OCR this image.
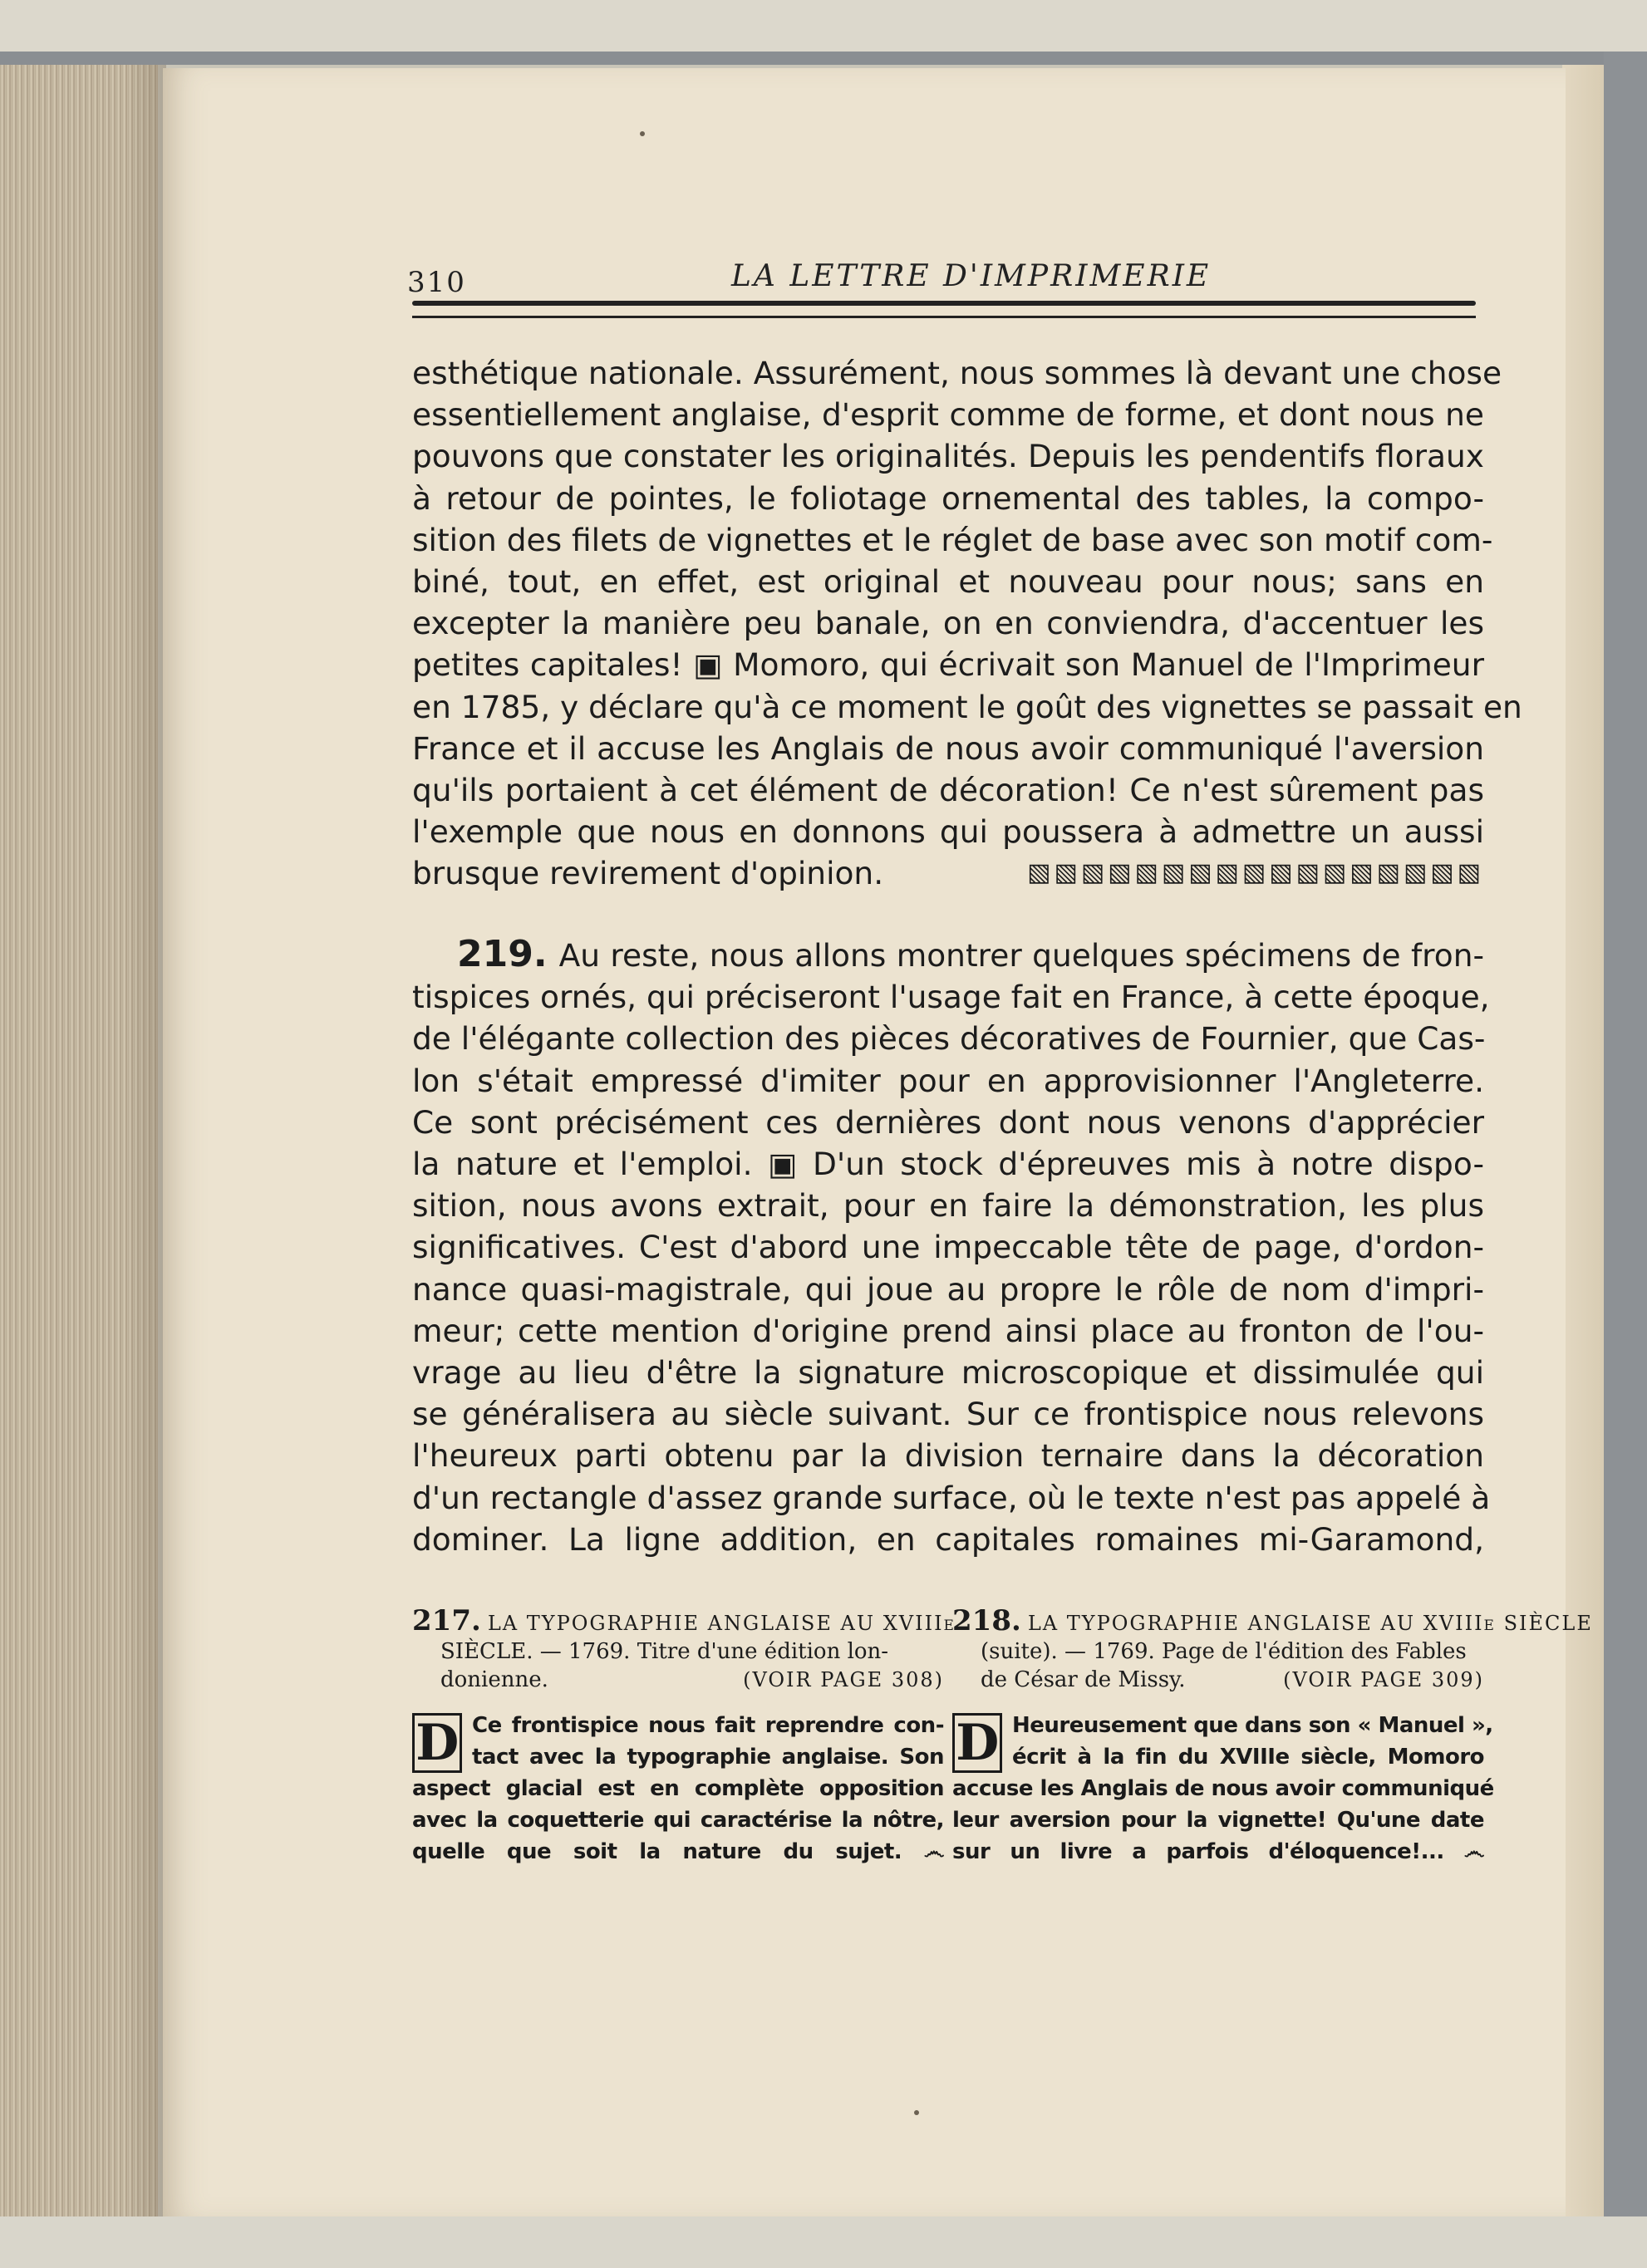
310	LA LETTRE D'IMPRIMERIE
esthétique nationale. Assurément, nous sommes là devant une chose
essentiellement anglaise, d'esprit comme de forme, et dont nous ne
pouvons que constater les originalités. Depuis les pendentifs floraux
à retour de pointes, le foliotage ornemental des tables, la compo-
sition des filets de vignettes et le réglet de base avec son motif com-
biné, tout, en effet, est original et nouveau pour nous; sans en
excepter la manière peu banale, on en conviendra, d'accentuer les
petites capitales! ▣ Momoro, qui écrivait son Manuel de l'Imprimeur
en 1785, y déclare qu'à ce moment le goût des vignettes se passait en
France et il accuse les Anglais de nous avoir communiqué l'aversion
qu'ils portaient à cet élément de décoration! Ce n'est sûrement pas
l'exemple que nous en donnons qui poussera à admettre un aussi
brusque revirement d'opinion.	▧▧▧▧▧▧▧▧▧▧▧▧▧▧▧▧▧
219. Au reste, nous allons montrer quelques spécimens de fron-
tispices ornés, qui préciseront l'usage fait en France, à cette époque,
de l'élégante collection des pièces décoratives de Fournier, que Cas-
lon s'était empressé d'imiter pour en approvisionner l'Angleterre.
Ce sont précisément ces dernières dont nous venons d'apprécier
la nature et l'emploi. ▣ D'un stock d'épreuves mis à notre dispo-
sition, nous avons extrait, pour en faire la démonstration, les plus
significatives. C'est d'abord une impeccable tête de page, d'ordon-
nance quasi-magistrale, qui joue au propre le rôle de nom d'impri-
meur; cette mention d'origine prend ainsi place au fronton de l'ou-
vrage au lieu d'être la signature microscopique et dissimulée qui
se généralisera au siècle suivant. Sur ce frontispice nous relevons
l'heureux parti obtenu par la division ternaire dans la décoration
d'un rectangle d'assez grande surface, où le texte n'est pas appelé à
dominer. La ligne addition, en capitales romaines mi-Garamond,
217. LA TYPOGRAPHIE ANGLAISE AU XVIIIe
SIÈCLE. — 1769. Titre d'une édition lon-
donienne.	(VOIR PAGE 308)
D Ce frontispice nous fait reprendre con-
tact avec la typographie anglaise. Son
aspect glacial est en complète opposition
avec la coquetterie qui caractérise la nôtre,
quelle que soit la nature du sujet. ෴
218. LA TYPOGRAPHIE ANGLAISE AU XVIIIe SIÈCLE
(suite). — 1769. Page de l'édition des Fables
de César de Missy.	(VOIR PAGE 309)
D Heureusement que dans son « Manuel »,
écrit à la fin du XVIIIe siècle, Momoro
accuse les Anglais de nous avoir communiqué
leur aversion pour la vignette! Qu'une date
sur un livre a parfois d'éloquence!... ෴
